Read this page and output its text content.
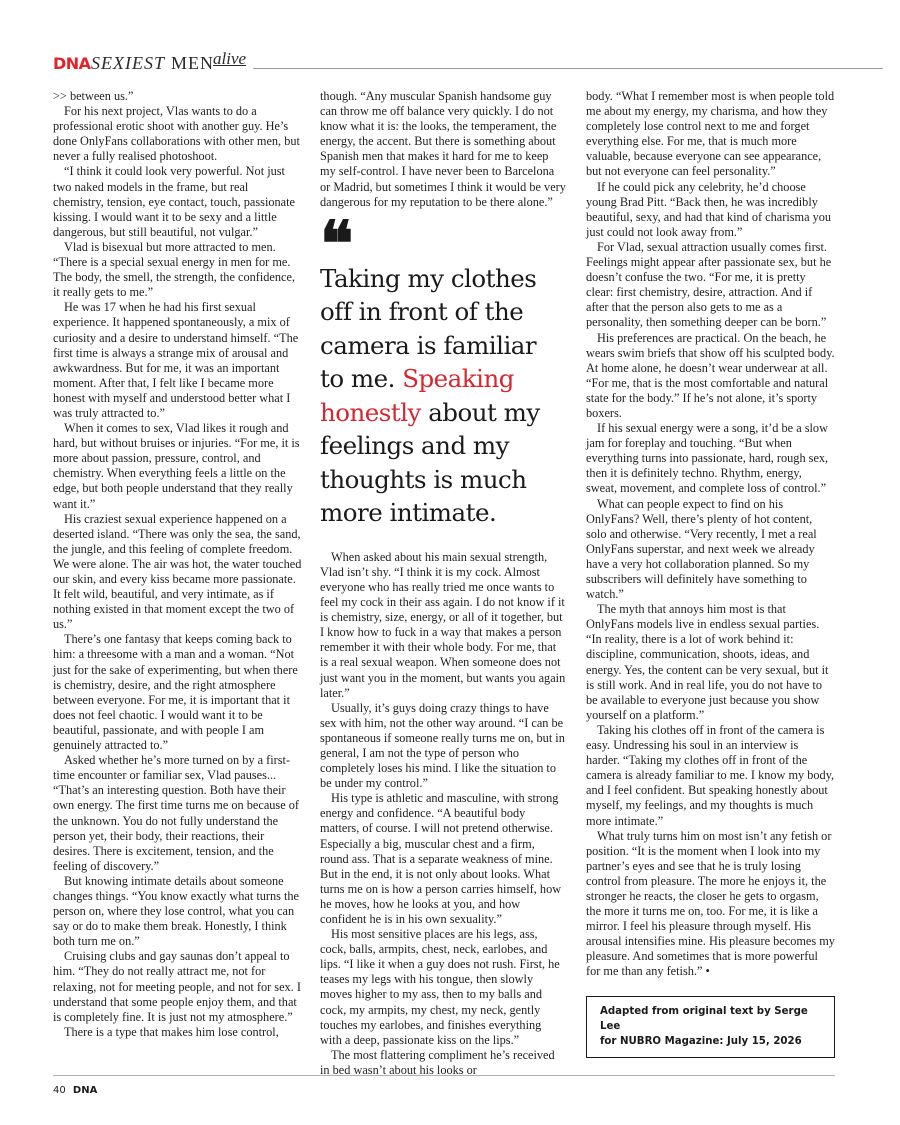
DNA SEXIEST MEN alive

>> between us.”

For his next project, Vlas wants to do a professional erotic shoot with another guy. He’s done OnlyFans collaborations with other men, but never a fully realised photoshoot.

“I think it could look very powerful. Not just two naked models in the frame, but real chemistry, tension, eye contact, touch, passionate kissing. I would want it to be sexy and a little dangerous, but still beautiful, not vulgar.”

Vlad is bisexual but more attracted to men. “There is a special sexual energy in men for me. The body, the smell, the strength, the confidence, it really gets to me.”

He was 17 when he had his first sexual experience. It happened spontaneously, a mix of curiosity and a desire to understand himself. “The first time is always a strange mix of arousal and awkwardness. But for me, it was an important moment. After that, I felt like I became more honest with myself and understood better what I was truly attracted to.”

When it comes to sex, Vlad likes it rough and hard, but without bruises or injuries. “For me, it is more about passion, pressure, control, and chemistry. When everything feels a little on the edge, but both people understand that they really want it.”

His craziest sexual experience happened on a deserted island. “There was only the sea, the sand, the jungle, and this feeling of complete freedom. We were alone. The air was hot, the water touched our skin, and every kiss became more passionate. It felt wild, beautiful, and very intimate, as if nothing existed in that moment except the two of us.”

There’s one fantasy that keeps coming back to him: a threesome with a man and a woman. “Not just for the sake of experimenting, but when there is chemistry, desire, and the right atmosphere between everyone. For me, it is important that it does not feel chaotic. I would want it to be beautiful, passionate, and with people I am genuinely attracted to.”

Asked whether he’s more turned on by a first-time encounter or familiar sex, Vlad pauses... “That’s an interesting question. Both have their own energy. The first time turns me on because of the unknown. You do not fully understand the person yet, their body, their reactions, their desires. There is excitement, tension, and the feeling of discovery.”

But knowing intimate details about someone changes things. “You know exactly what turns the person on, where they lose control, what you can say or do to make them break. Honestly, I think both turn me on.”

Cruising clubs and gay saunas don’t appeal to him. “They do not really attract me, not for relaxing, not for meeting people, and not for sex. I understand that some people enjoy them, and that is completely fine. It is just not my atmosphere.”

There is a type that makes him lose control,

though. “Any muscular Spanish handsome guy can throw me off balance very quickly. I do not know what it is: the looks, the temperament, the energy, the accent. But there is something about Spanish men that makes it hard for me to keep my self-control. I have never been to Barcelona or Madrid, but sometimes I think it would be very dangerous for my reputation to be there alone.”

❝
Taking my clothes off in front of the camera is familiar to me. Speaking honestly about my feelings and my thoughts is much more intimate.

When asked about his main sexual strength, Vlad isn’t shy. “I think it is my cock. Almost everyone who has really tried me once wants to feel my cock in their ass again. I do not know if it is chemistry, size, energy, or all of it together, but I know how to fuck in a way that makes a person remember it with their whole body. For me, that is a real sexual weapon. When someone does not just want you in the moment, but wants you again later.”

Usually, it’s guys doing crazy things to have sex with him, not the other way around. “I can be spontaneous if someone really turns me on, but in general, I am not the type of person who completely loses his mind. I like the situation to be under my control.”

His type is athletic and masculine, with strong energy and confidence. “A beautiful body matters, of course. I will not pretend otherwise. Especially a big, muscular chest and a firm, round ass. That is a separate weakness of mine. But in the end, it is not only about looks. What turns me on is how a person carries himself, how he moves, how he looks at you, and how confident he is in his own sexuality.”

His most sensitive places are his legs, ass, cock, balls, armpits, chest, neck, earlobes, and lips. “I like it when a guy does not rush. First, he teases my legs with his tongue, then slowly moves higher to my ass, then to my balls and cock, my armpits, my chest, my neck, gently touches my earlobes, and finishes everything with a deep, passionate kiss on the lips.”

The most flattering compliment he’s received in bed wasn’t about his looks or

body. “What I remember most is when people told me about my energy, my charisma, and how they completely lose control next to me and forget everything else. For me, that is much more valuable, because everyone can see appearance, but not everyone can feel personality.”

If he could pick any celebrity, he’d choose young Brad Pitt. “Back then, he was incredibly beautiful, sexy, and had that kind of charisma you just could not look away from.”

For Vlad, sexual attraction usually comes first. Feelings might appear after passionate sex, but he doesn’t confuse the two. “For me, it is pretty clear: first chemistry, desire, attraction. And if after that the person also gets to me as a personality, then something deeper can be born.”

His preferences are practical. On the beach, he wears swim briefs that show off his sculpted body. At home alone, he doesn’t wear underwear at all. “For me, that is the most comfortable and natural state for the body.” If he’s not alone, it’s sporty boxers.

If his sexual energy were a song, it’d be a slow jam for foreplay and touching. “But when everything turns into passionate, hard, rough sex, then it is definitely techno. Rhythm, energy, sweat, movement, and complete loss of control.”

What can people expect to find on his OnlyFans? Well, there’s plenty of hot content, solo and otherwise. “Very recently, I met a real OnlyFans superstar, and next week we already have a very hot collaboration planned. So my subscribers will definitely have something to watch.”

The myth that annoys him most is that OnlyFans models live in endless sexual parties. “In reality, there is a lot of work behind it: discipline, communication, shoots, ideas, and energy. Yes, the content can be very sexual, but it is still work. And in real life, you do not have to be available to everyone just because you show yourself on a platform.”

Taking his clothes off in front of the camera is easy. Undressing his soul in an interview is harder. “Taking my clothes off in front of the camera is already familiar to me. I know my body, and I feel confident. But speaking honestly about myself, my feelings, and my thoughts is much more intimate.”

What truly turns him on most isn’t any fetish or position. “It is the moment when I look into my partner’s eyes and see that he is truly losing control from pleasure. The more he enjoys it, the stronger he reacts, the closer he gets to orgasm, the more it turns me on, too. For me, it is like a mirror. I feel his pleasure through myself. His arousal intensifies mine. His pleasure becomes my pleasure. And sometimes that is more powerful for me than any fetish.” •

Adapted from original text by Serge Lee
for NUBRO Magazine: July 15, 2026
40 DNA
